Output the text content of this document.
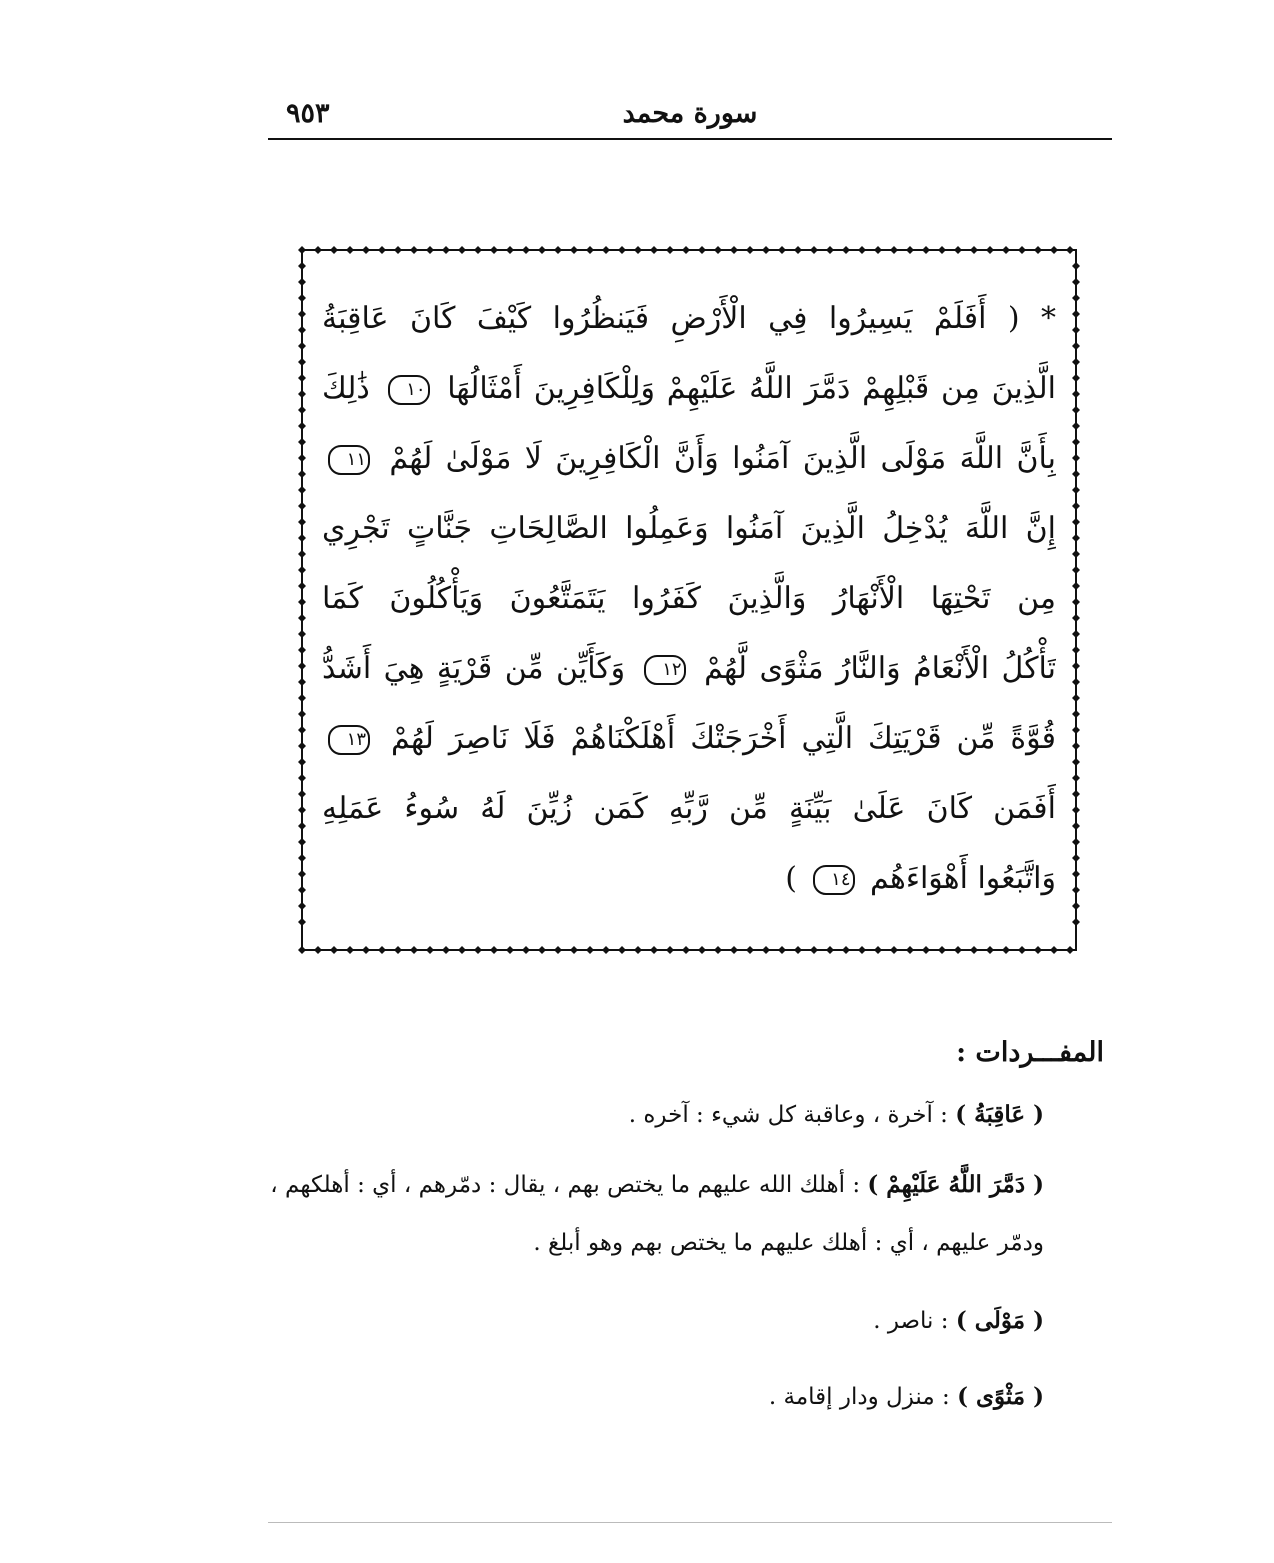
سورة محمد
٩٥٣
* ( أَفَلَمْ يَسِيرُوا فِي الْأَرْضِ فَيَنظُرُوا كَيْفَ كَانَ عَاقِبَةُ
الَّذِينَ مِن قَبْلِهِمْ دَمَّرَ اللَّهُ عَلَيْهِمْ وَلِلْكَافِرِينَ أَمْثَالُهَا ١٠ ذَٰلِكَ
بِأَنَّ اللَّهَ مَوْلَى الَّذِينَ آمَنُوا وَأَنَّ الْكَافِرِينَ لَا مَوْلَىٰ لَهُمْ ١١
إِنَّ اللَّهَ يُدْخِلُ الَّذِينَ آمَنُوا وَعَمِلُوا الصَّالِحَاتِ جَنَّاتٍ تَجْرِي
مِن تَحْتِهَا الْأَنْهَارُ وَالَّذِينَ كَفَرُوا يَتَمَتَّعُونَ وَيَأْكُلُونَ كَمَا
تَأْكُلُ الْأَنْعَامُ وَالنَّارُ مَثْوًى لَّهُمْ ١٢ وَكَأَيِّن مِّن قَرْيَةٍ هِيَ أَشَدُّ
قُوَّةً مِّن قَرْيَتِكَ الَّتِي أَخْرَجَتْكَ أَهْلَكْنَاهُمْ فَلَا نَاصِرَ لَهُمْ ١٣
أَفَمَن كَانَ عَلَىٰ بَيِّنَةٍ مِّن رَّبِّهِ كَمَن زُيِّنَ لَهُ سُوءُ عَمَلِهِ
وَاتَّبَعُوا أَهْوَاءَهُم ١٤ )
المفـــردات :
( عَاقِبَةُ ) : آخرة ، وعاقبة كل شيء : آخره .
( دَمَّرَ اللَّهُ عَلَيْهِمْ ) : أهلك الله عليهم ما يختص بهم ، يقال : دمّرهم ، أي : أهلكهم ، ودمّر عليهم ، أي : أهلك عليهم ما يختص بهم وهو أبلغ .
( مَوْلَى ) : ناصر .
( مَثْوًى ) : منزل ودار إقامة .
